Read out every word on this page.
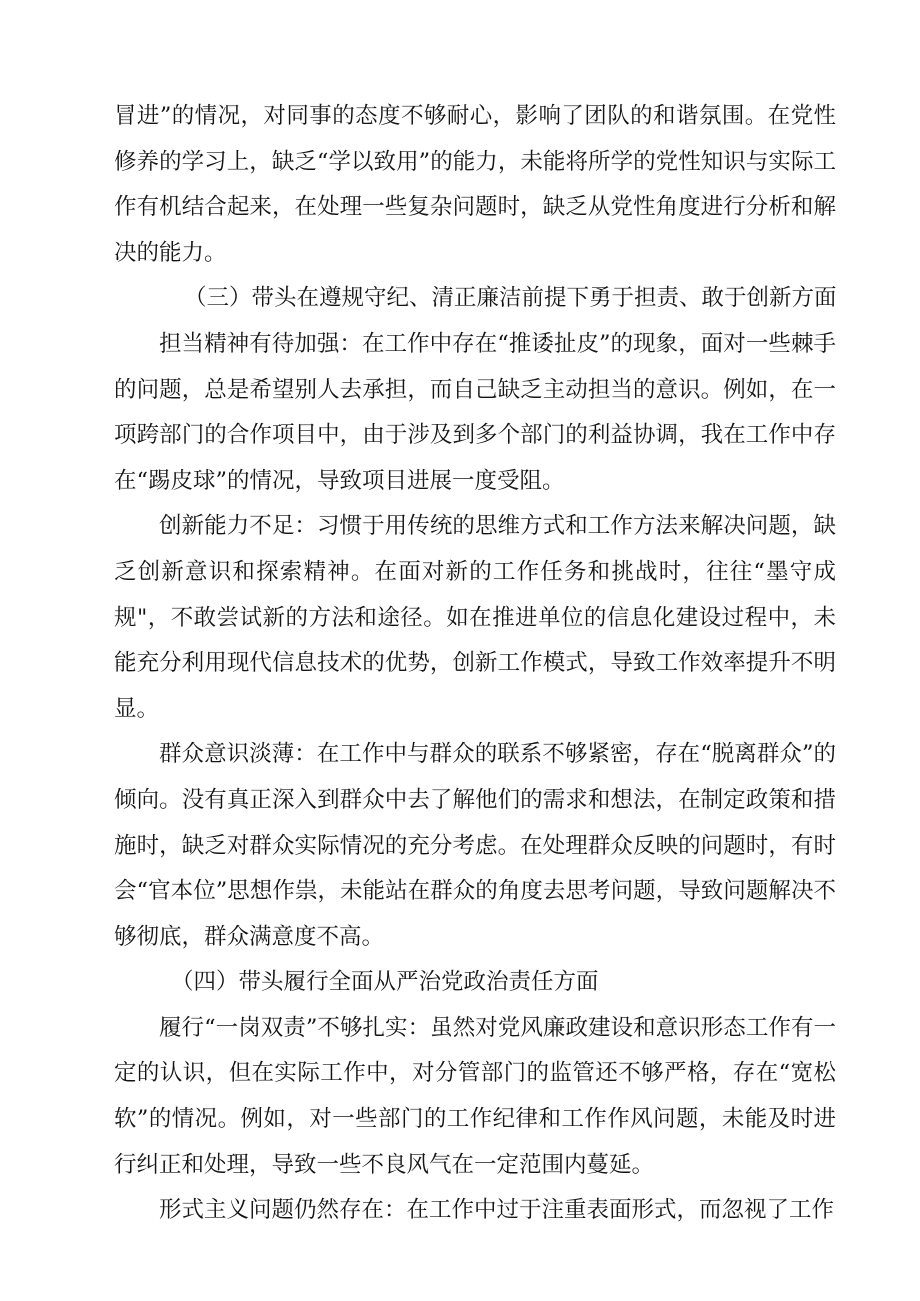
冒进”的情况，对同事的态度不够耐心，影响了团队的和谐氛围。在党性修养的学习上，缺乏“学以致用”的能力，未能将所学的党性知识与实际工作有机结合起来，在处理一些复杂问题时，缺乏从党性角度进行分析和解决的能力。

（三）带头在遵规守纪、清正廉洁前提下勇于担责、敢于创新方面

担当精神有待加强：在工作中存在“推诿扯皮”的现象，面对一些棘手的问题，总是希望别人去承担，而自己缺乏主动担当的意识。例如，在一项跨部门的合作项目中，由于涉及到多个部门的利益协调，我在工作中存在“踢皮球”的情况，导致项目进展一度受阻。

创新能力不足：习惯于用传统的思维方式和工作方法来解决问题，缺乏创新意识和探索精神。在面对新的工作任务和挑战时，往往“墨守成规"，不敢尝试新的方法和途径。如在推进单位的信息化建设过程中，未能充分利用现代信息技术的优势，创新工作模式，导致工作效率提升不明显。

群众意识淡薄：在工作中与群众的联系不够紧密，存在“脱离群众”的倾向。没有真正深入到群众中去了解他们的需求和想法，在制定政策和措施时，缺乏对群众实际情况的充分考虑。在处理群众反映的问题时，有时会“官本位”思想作祟，未能站在群众的角度去思考问题，导致问题解决不够彻底，群众满意度不高。

（四）带头履行全面从严治党政治责任方面

履行“一岗双责”不够扎实：虽然对党风廉政建设和意识形态工作有一定的认识，但在实际工作中，对分管部门的监管还不够严格，存在“宽松软”的情况。例如，对一些部门的工作纪律和工作作风问题，未能及时进行纠正和处理，导致一些不良风气在一定范围内蔓延。

形式主义问题仍然存在：在工作中过于注重表面形式，而忽视了工作
